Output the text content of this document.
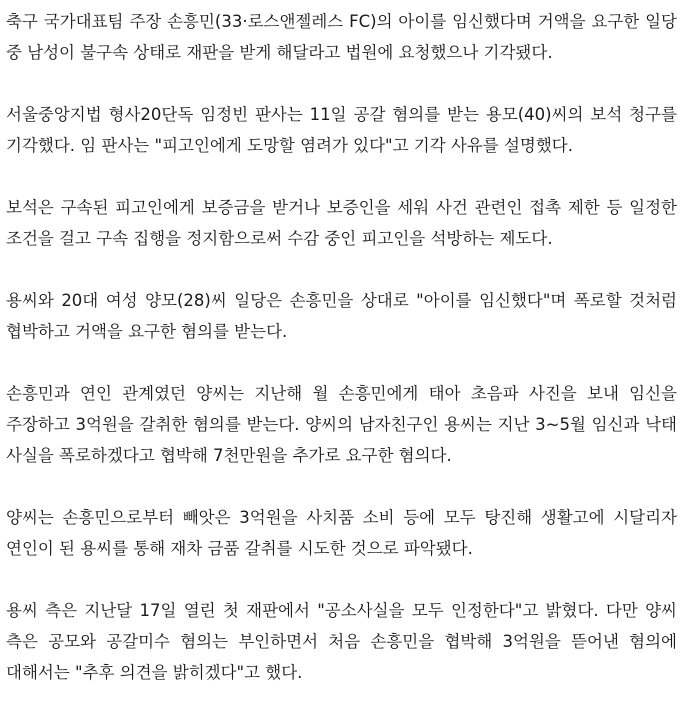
축구 국가대표팀 주장 손흥민(33·로스앤젤레스 FC)의 아이를 임신했다며 거액을 요구한 일당 중 남성이 불구속 상태로 재판을 받게 해달라고 법원에 요청했으나 기각됐다.

서울중앙지법 형사20단독 임정빈 판사는 11일 공갈 혐의를 받는 용모(40)씨의 보석 청구를 기각했다. 임 판사는 "피고인에게 도망할 염려가 있다"고 기각 사유를 설명했다.

보석은 구속된 피고인에게 보증금을 받거나 보증인을 세워 사건 관련인 접촉 제한 등 일정한 조건을 걸고 구속 집행을 정지함으로써 수감 중인 피고인을 석방하는 제도다.

용씨와 20대 여성 양모(28)씨 일당은 손흥민을 상대로 "아이를 임신했다"며 폭로할 것처럼 협박하고 거액을 요구한 혐의를 받는다.

손흥민과 연인 관계였던 양씨는 지난해 월 손흥민에게 태아 초음파 사진을 보내 임신을 주장하고 3억원을 갈취한 혐의를 받는다. 양씨의 남자친구인 용씨는 지난 3~5월 임신과 낙태 사실을 폭로하겠다고 협박해 7천만원을 추가로 요구한 혐의다.

양씨는 손흥민으로부터 빼앗은 3억원을 사치품 소비 등에 모두 탕진해 생활고에 시달리자 연인이 된 용씨를 통해 재차 금품 갈취를 시도한 것으로 파악됐다.

용씨 측은 지난달 17일 열린 첫 재판에서 "공소사실을 모두 인정한다"고 밝혔다. 다만 양씨 측은 공모와 공갈미수 혐의는 부인하면서 처음 손흥민을 협박해 3억원을 뜯어낸 혐의에 대해서는 "추후 의견을 밝히겠다"고 했다.
